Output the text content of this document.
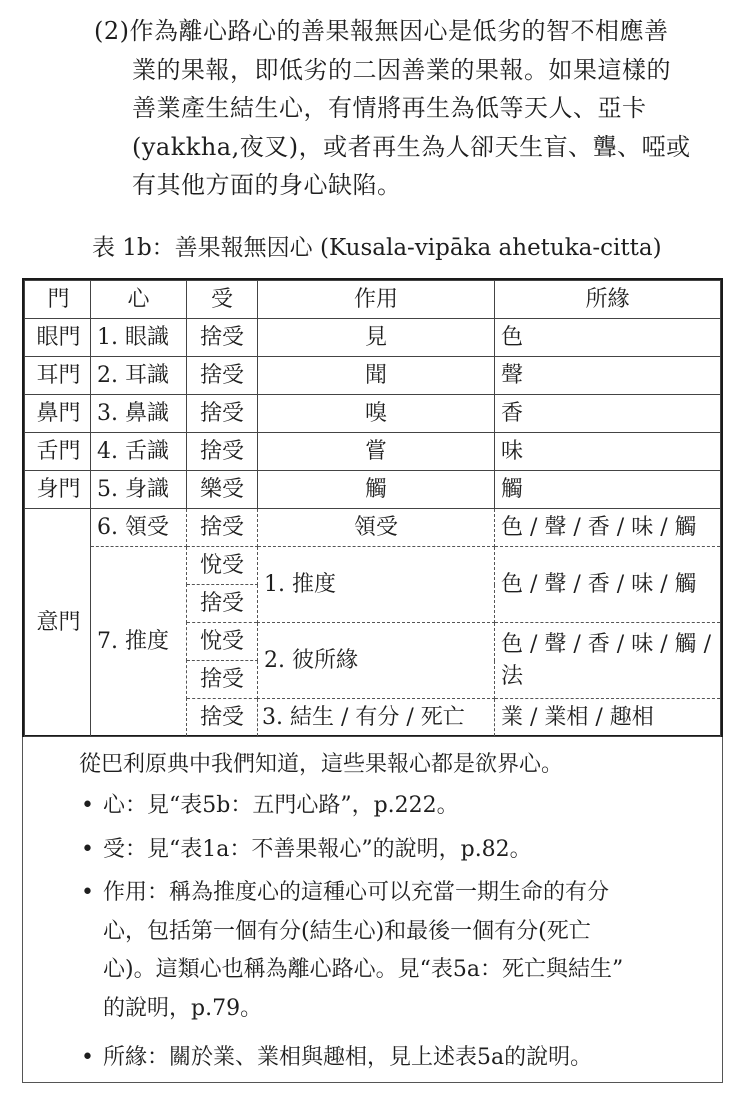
(2)作為離心路心的善果報無因心是低劣的智不相應善
業的果報，即低劣的二因善業的果報。如果這樣的
善業產生結生心，有情將再生為低等天人、亞卡
(yakkha,夜叉)，或者再生為人卻天生盲、聾、啞或
有其他方面的身心缺陷。
表 1b：善果報無因心 (Kusala-vipāka ahetuka-citta)
門	心	受	作用	所緣
眼門	1. 眼識	捨受	見	色
耳門	2. 耳識	捨受	聞	聲
鼻門	3. 鼻識	捨受	嗅	香
舌門	4. 舌識	捨受	嘗	味
身門	5. 身識	樂受	觸	觸
意門	6. 領受	捨受	領受	色 / 聲 / 香 / 味 / 觸
	7. 推度	悅受	1. 推度	色 / 聲 / 香 / 味 / 觸
		捨受		
		悅受	2. 彼所緣	色 / 聲 / 香 / 味 / 觸 / 法
		捨受		
		捨受	3. 結生 / 有分 / 死亡	業 / 業相 / 趣相
從巴利原典中我們知道，這些果報心都是欲界心。
• 心：見“表5b：五門心路”，p.222。
• 受：見“表1a：不善果報心”的說明，p.82。
• 作用：稱為推度心的這種心可以充當一期生命的有分
心，包括第一個有分(結生心)和最後一個有分(死亡
心)。這類心也稱為離心路心。見“表5a：死亡與結生”
的說明，p.79。
• 所緣：關於業、業相與趣相，見上述表5a的說明。
